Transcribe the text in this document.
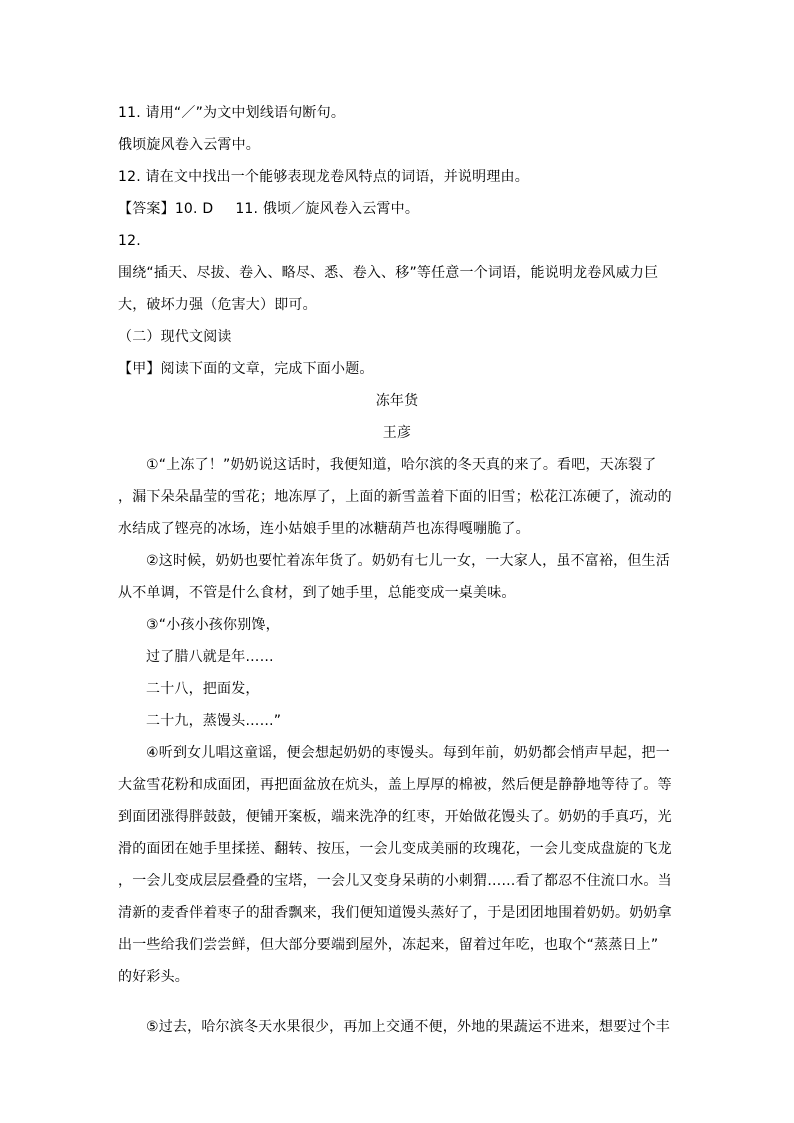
11. 请用“／”为文中划线语句断句。
俄顷旋风卷入云霄中。
12. 请在文中找出一个能够表现龙卷风特点的词语，并说明理由。
【答案】10. D 11. 俄顷／旋风卷入云霄中。
12.
围绕“插天、尽拔、卷入、略尽、悉、卷入、移”等任意一个词语，能说明龙卷风威力巨
大，破坏力强（危害大）即可。
（二）现代文阅读
【甲】阅读下面的文章，完成下面小题。
冻年货
王彦
①“上冻了！”奶奶说这话时，我便知道，哈尔滨的冬天真的来了。看吧，天冻裂了
，漏下朵朵晶莹的雪花；地冻厚了，上面的新雪盖着下面的旧雪；松花江冻硬了，流动的
水结成了铿亮的冰场，连小姑娘手里的冰糖葫芦也冻得嘎嘣脆了。
②这时候，奶奶也要忙着冻年货了。奶奶有七儿一女，一大家人，虽不富裕，但生活
从不单调，不管是什么食材，到了她手里，总能变成一桌美味。
③“小孩小孩你别馋，
过了腊八就是年……
二十八，把面发，
二十九，蒸馒头……”
④听到女儿唱这童谣，便会想起奶奶的枣馒头。每到年前，奶奶都会悄声早起，把一
大盆雪花粉和成面团，再把面盆放在炕头，盖上厚厚的棉被，然后便是静静地等待了。等
到面团涨得胖鼓鼓，便铺开案板，端来洗净的红枣，开始做花馒头了。奶奶的手真巧，光
滑的面团在她手里揉搓、翻转、按压，一会儿变成美丽的玫瑰花，一会儿变成盘旋的飞龙
，一会儿变成层层叠叠的宝塔，一会儿又变身呆萌的小刺猬……看了都忍不住流口水。当
清新的麦香伴着枣子的甜香飘来，我们便知道馒头蒸好了，于是团团地围着奶奶。奶奶拿
出一些给我们尝尝鲜，但大部分要端到屋外，冻起来，留着过年吃，也取个“蒸蒸日上”
的好彩头。
⑤过去，哈尔滨冬天水果很少，再加上交通不便，外地的果蔬运不进来，想要过个丰
